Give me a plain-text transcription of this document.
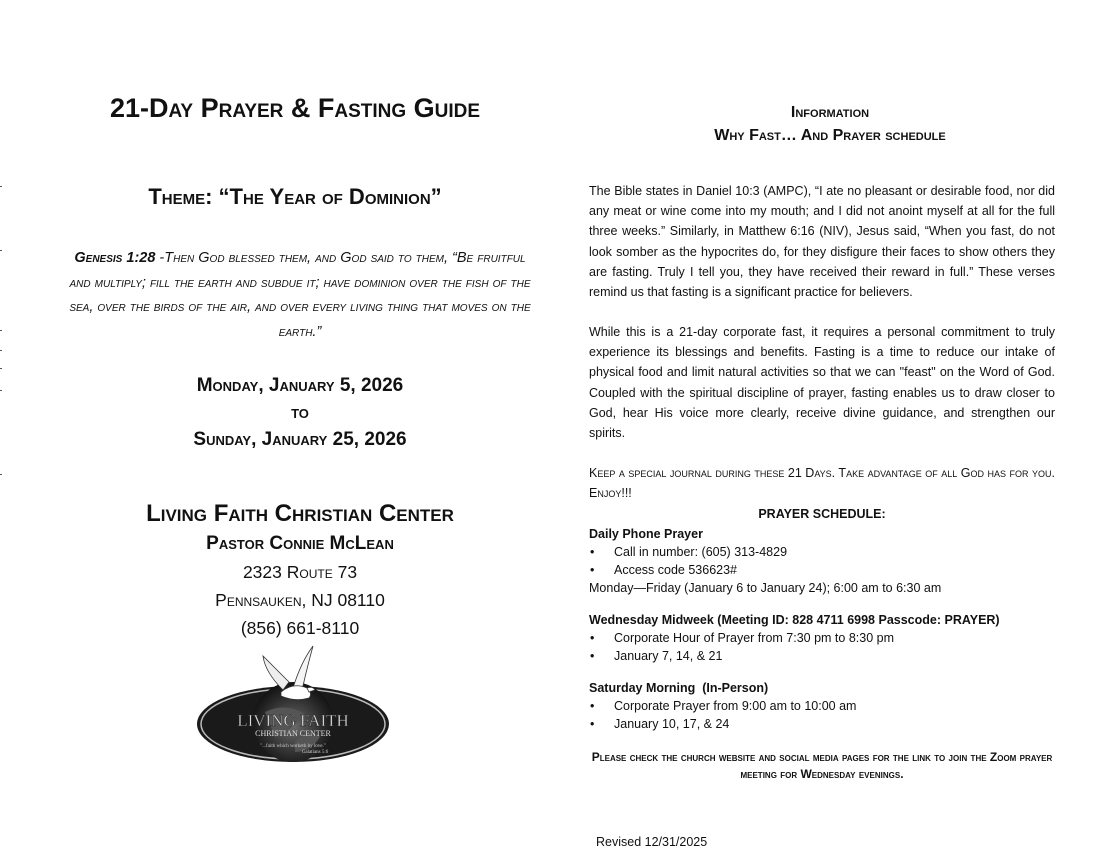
21-Day Prayer & Fasting Guide
Theme: “The Year of Dominion”
Genesis 1:28 -Then God blessed them, and God said to them, “Be fruitful and multiply; fill the earth and subdue it; have dominion over the fish of the sea, over the birds of the air, and over every living thing that moves on the earth.”
Monday, January 5, 2026
to
Sunday, January 25, 2026
Living Faith Christian Center
Pastor Connie McLean
2323 Route 73
Pennsauken, NJ 08110
(856) 661-8110
LIVING FAITH
CHRISTIAN CENTER
"...faith which worketh by love."
Galatians 5:6
Information
Why Fast… And Prayer schedule
The Bible states in Daniel 10:3 (AMPC), “I ate no pleasant or desirable food, nor did any meat or wine come into my mouth; and I did not anoint myself at all for the full three weeks.” Similarly, in Matthew 6:16 (NIV), Jesus said, “When you fast, do not look somber as the hypocrites do, for they disfigure their faces to show others they are fasting. Truly I tell you, they have received their reward in full.” These verses remind us that fasting is a significant practice for believers.
While this is a 21-day corporate fast, it requires a personal commitment to truly experience its blessings and benefits. Fasting is a time to reduce our intake of physical food and limit natural activities so that we can "feast" on the Word of God. Coupled with the spiritual discipline of prayer, fasting enables us to draw closer to God, hear His voice more clearly, receive divine guidance, and strengthen our spirits.
Keep a special journal during these 21 Days. Take advantage of all God has for you. Enjoy!!!
PRAYER SCHEDULE:
Daily Phone Prayer
• Call in number: (605) 313-4829
• Access code 536623#
Monday—Friday (January 6 to January 24); 6:00 am to 6:30 am
Wednesday Midweek (Meeting ID: 828 4711 6998 Passcode: PRAYER)
• Corporate Hour of Prayer from 7:30 pm to 8:30 pm
• January 7, 14, & 21
Saturday Morning  (In-Person)
• Corporate Prayer from 9:00 am to 10:00 am
• January 10, 17, & 24
Please check the church website and social media pages for the link to join the Zoom prayer meeting for Wednesday evenings.
Revised 12/31/2025
